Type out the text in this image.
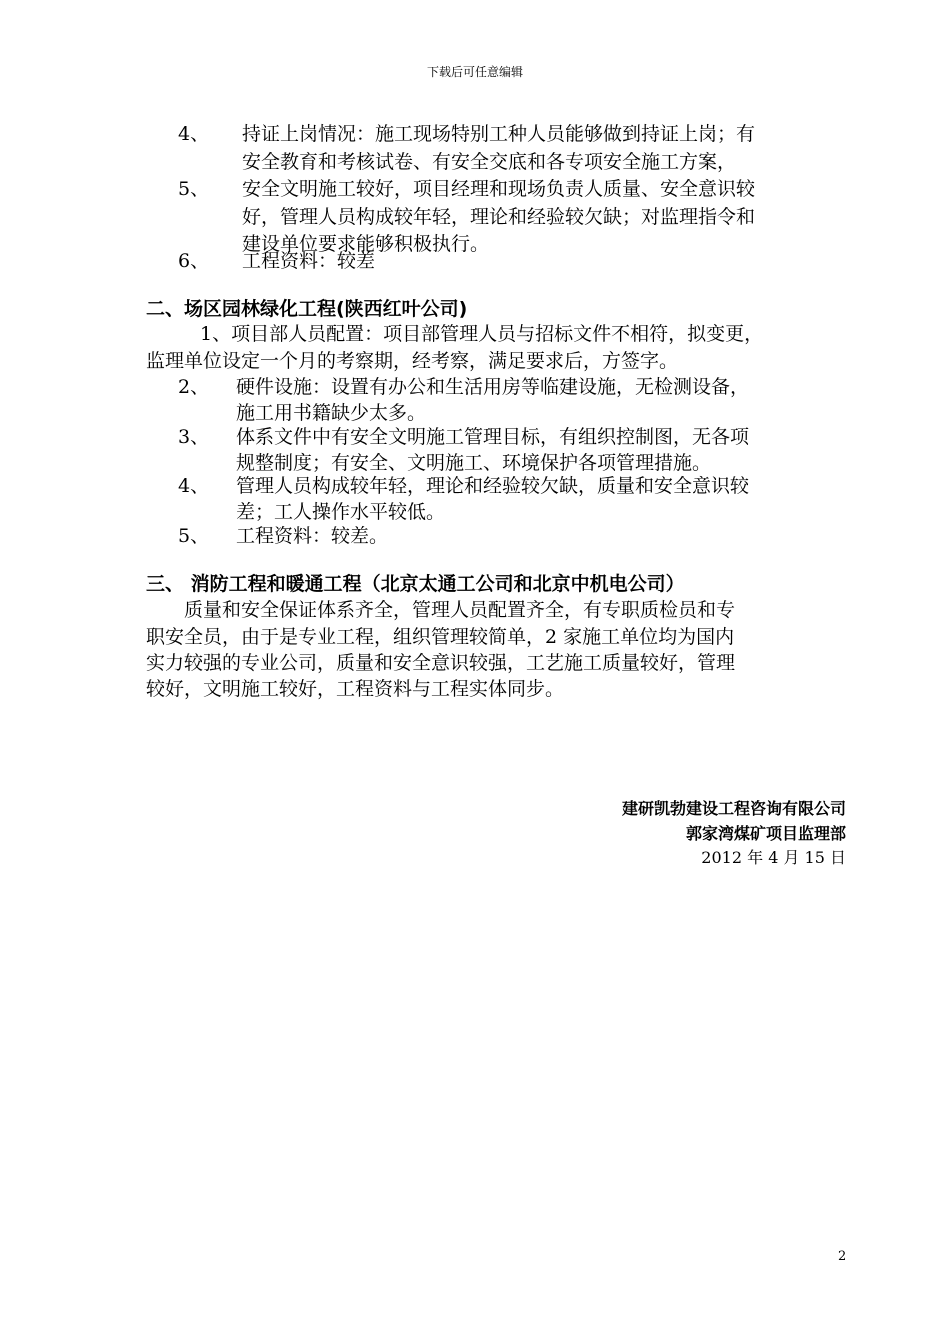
下载后可任意编辑
4、 持证上岗情况：施工现场特别工种人员能够做到持证上岗；有
安全教育和考核试卷、有安全交底和各专项安全施工方案，
5、 安全文明施工较好，项目经理和现场负责人质量、安全意识较
好，管理人员构成较年轻，理论和经验较欠缺；对监理指令和
建设单位要求能够积极执行。
6、 工程资料：较差
二、场区园林绿化工程(陕西红叶公司)
1、项目部人员配置：项目部管理人员与招标文件不相符，拟变更，
监理单位设定一个月的考察期，经考察，满足要求后，方签字。
2、 硬件设施：设置有办公和生活用房等临建设施，无检测设备，
施工用书籍缺少太多。
3、 体系文件中有安全文明施工管理目标，有组织控制图，无各项
规整制度；有安全、文明施工、环境保护各项管理措施。
4、 管理人员构成较年轻，理论和经验较欠缺，质量和安全意识较
差；工人操作水平较低。
5、 工程资料：较差。
三、 消防工程和暖通工程（北京太通工公司和北京中机电公司）
质量和安全保证体系齐全，管理人员配置齐全，有专职质检员和专
职安全员，由于是专业工程，组织管理较简单，2 家施工单位均为国内
实力较强的专业公司，质量和安全意识较强，工艺施工质量较好，管理
较好，文明施工较好，工程资料与工程实体同步。
建研凯勃建设工程咨询有限公司
郭家湾煤矿项目监理部
2012 年 4 月 15 日
2
